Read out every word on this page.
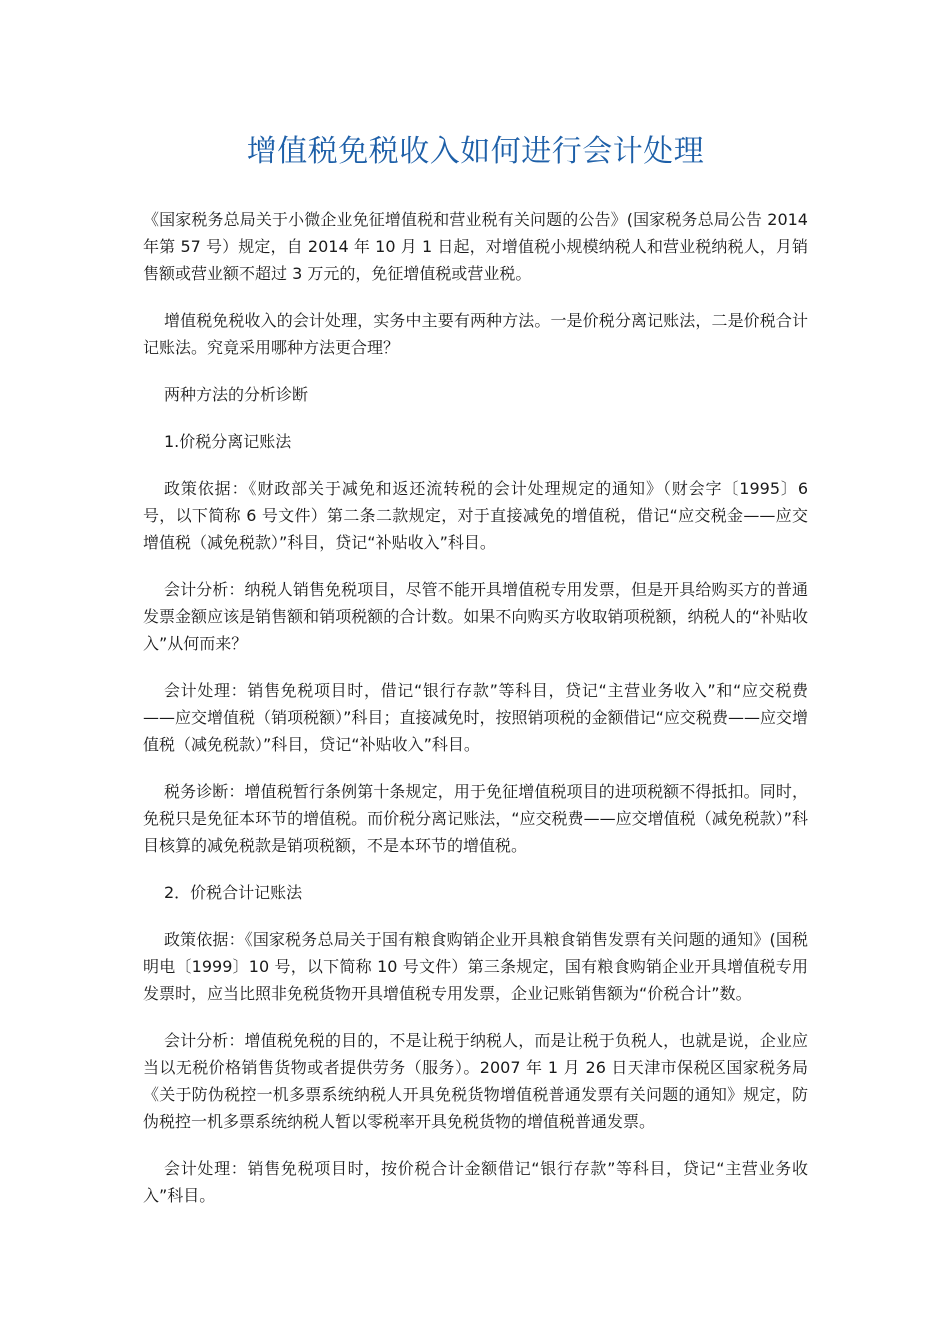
增值税免税收入如何进行会计处理

《国家税务总局关于小微企业免征增值税和营业税有关问题的公告》(国家税务总局公告 2014 年第 57 号）规定，自 2014 年 10 月 1 日起，对增值税小规模纳税人和营业税纳税人，月销售额或营业额不超过 3 万元的，免征增值税或营业税。

增值税免税收入的会计处理，实务中主要有两种方法。一是价税分离记账法，二是价税合计记账法。究竟采用哪种方法更合理？

两种方法的分析诊断

1.价税分离记账法

政策依据：《财政部关于减免和返还流转税的会计处理规定的通知》（财会字〔1995〕6 号，以下简称 6 号文件）第二条二款规定，对于直接减免的增值税，借记“应交税金——应交增值税（减免税款）”科目，贷记“补贴收入”科目。

会计分析：纳税人销售免税项目，尽管不能开具增值税专用发票，但是开具给购买方的普通发票金额应该是销售额和销项税额的合计数。如果不向购买方收取销项税额，纳税人的“补贴收入”从何而来？

会计处理：销售免税项目时，借记“银行存款”等科目，贷记“主营业务收入”和“应交税费——应交增值税（销项税额）”科目；直接减免时，按照销项税的金额借记“应交税费——应交增值税（减免税款）”科目，贷记“补贴收入”科目。

税务诊断：增值税暂行条例第十条规定，用于免征增值税项目的进项税额不得抵扣。同时，免税只是免征本环节的增值税。而价税分离记账法，“应交税费——应交增值税（减免税款）”科目核算的减免税款是销项税额，不是本环节的增值税。

2．价税合计记账法

政策依据：《国家税务总局关于国有粮食购销企业开具粮食销售发票有关问题的通知》(国税明电〔1999〕10 号，以下简称 10 号文件）第三条规定，国有粮食购销企业开具增值税专用发票时，应当比照非免税货物开具增值税专用发票，企业记账销售额为“价税合计”数。

会计分析：增值税免税的目的，不是让税于纳税人，而是让税于负税人，也就是说，企业应当以无税价格销售货物或者提供劳务（服务）。2007 年 1 月 26 日天津市保税区国家税务局《关于防伪税控一机多票系统纳税人开具免税货物增值税普通发票有关问题的通知》规定，防伪税控一机多票系统纳税人暂以零税率开具免税货物的增值税普通发票。

会计处理：销售免税项目时，按价税合计金额借记“银行存款”等科目，贷记“主营业务收入”科目。
